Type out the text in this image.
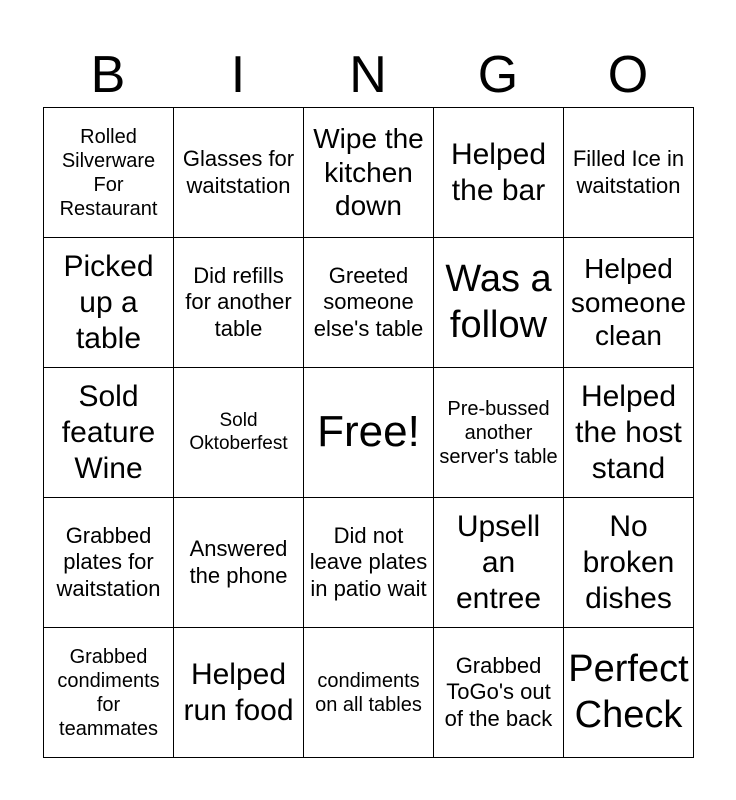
B	I	N	G	O
Rolled Silverware For Restaurant	Glasses for waitstation	Wipe the kitchen down	Helped the bar	Filled Ice in waitstation
Picked up a table	Did refills for another table	Greeted someone else's table	Was a follow	Helped someone clean
Sold feature Wine	Sold Oktoberfest	Free!	Pre-bussed another server's table	Helped the host stand
Grabbed plates for waitstation	Answered the phone	Did not leave plates in patio wait	Upsell an entree	No broken dishes
Grabbed condiments for teammates	Helped run food	condiments on all tables	Grabbed ToGo's out of the back	Perfect Check
